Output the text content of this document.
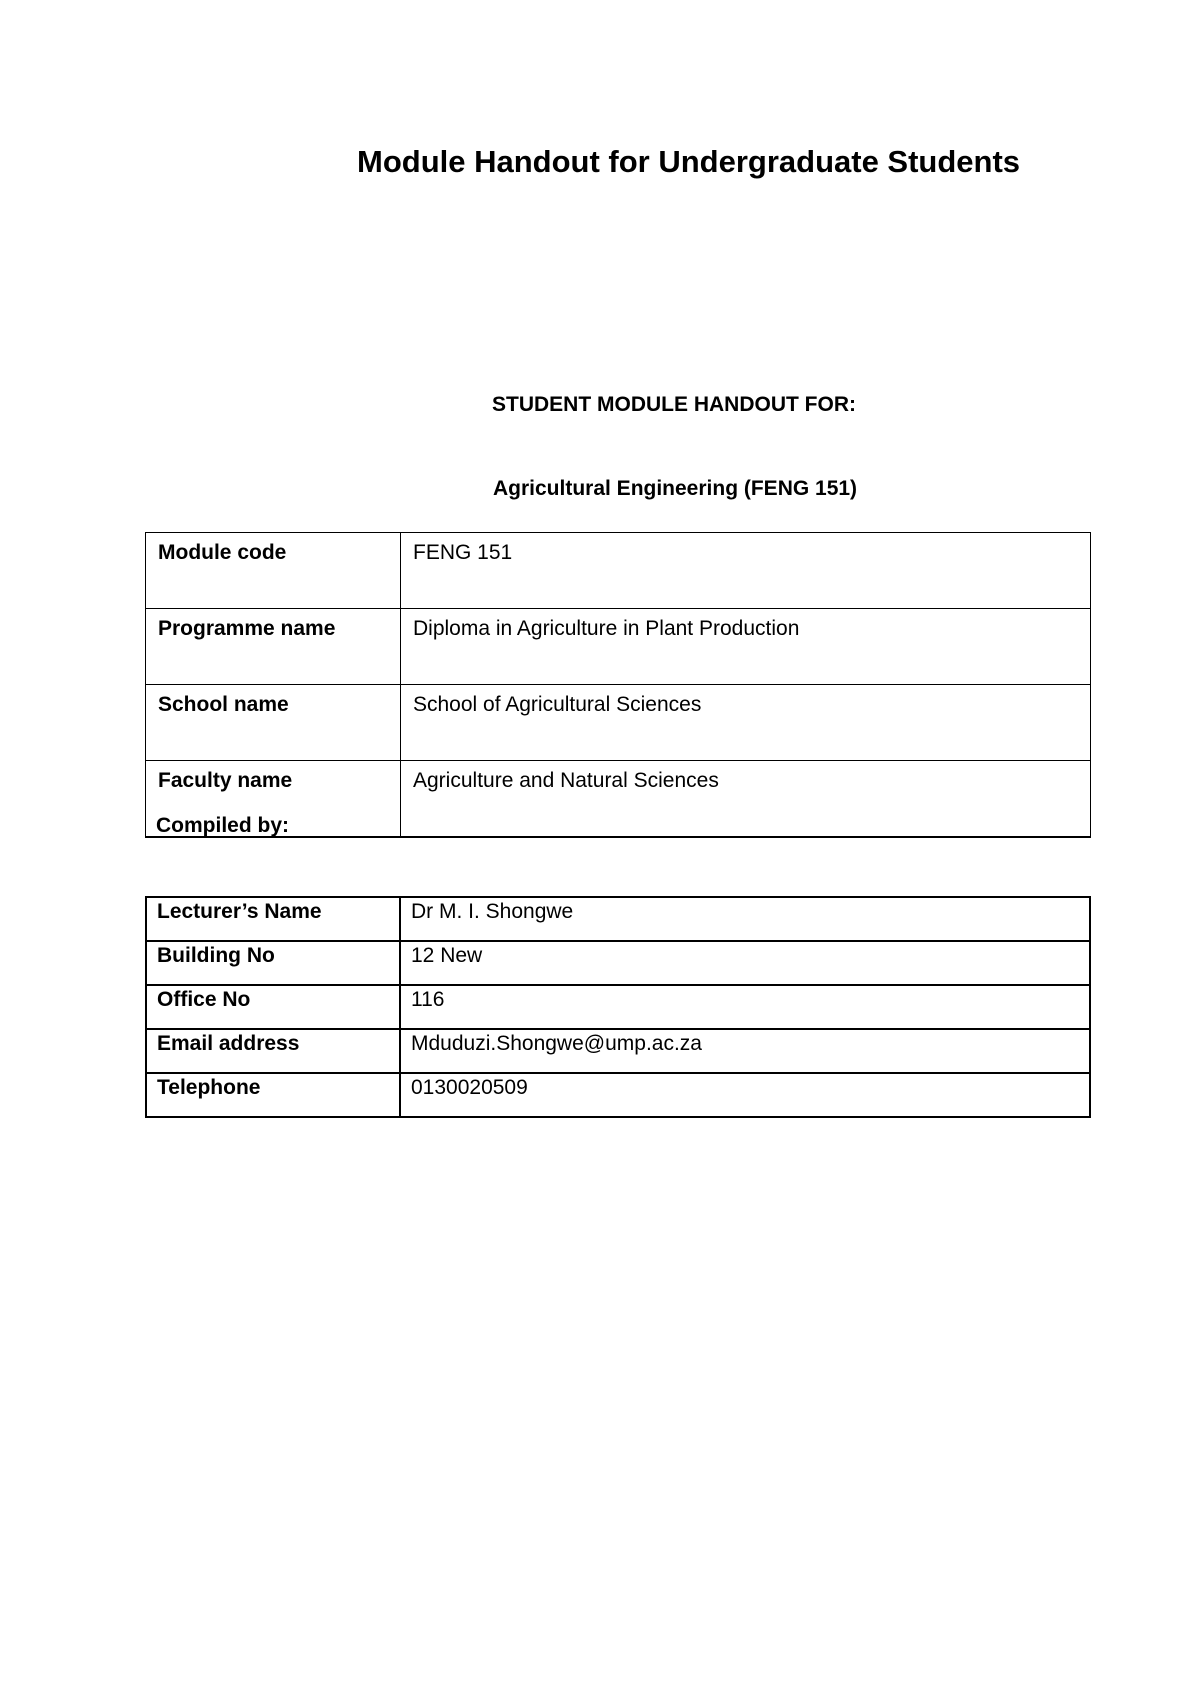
Module Handout for Undergraduate Students
STUDENT MODULE HANDOUT FOR:
Agricultural Engineering (FENG 151)
Module code	FENG 151
Programme name	Diploma in Agriculture in Plant Production
School name	School of Agricultural Sciences
Faculty name	Agriculture and Natural Sciences
Compiled by:
Lecturer’s Name	Dr M. I. Shongwe
Building No	12 New
Office No	116
Email address	Mduduzi.Shongwe@ump.ac.za
Telephone	0130020509
